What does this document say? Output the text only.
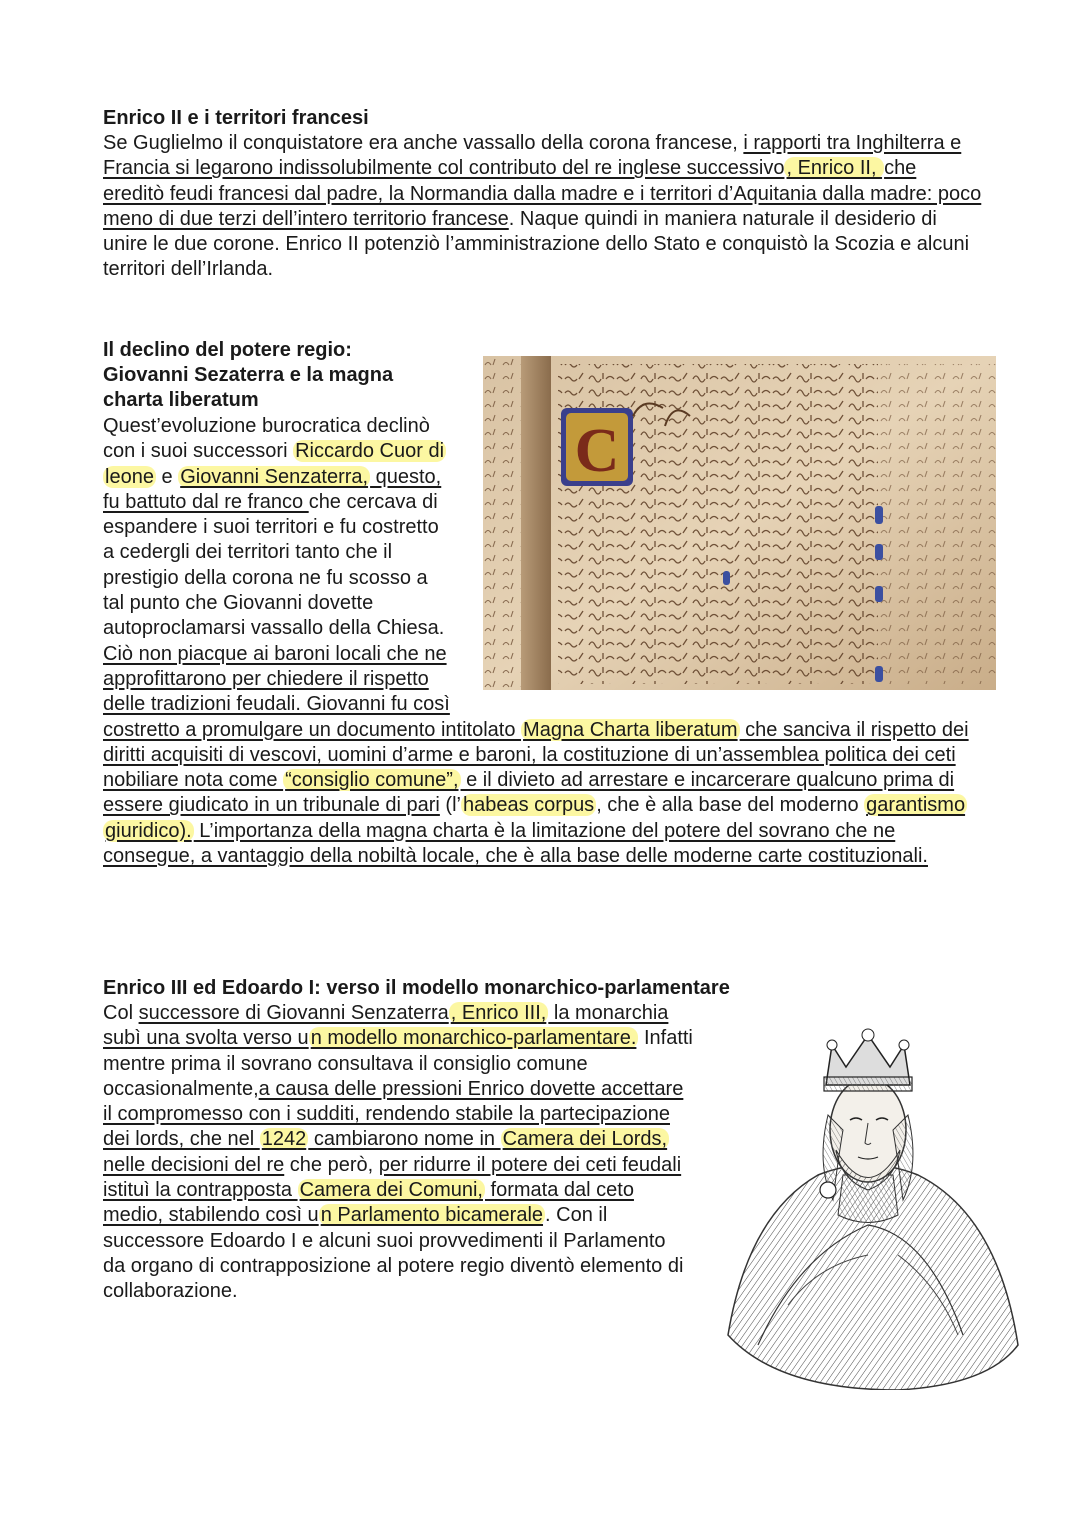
Enrico II e i territori francesi

Se Guglielmo il conquistatore era anche vassallo della corona francese, i rapporti tra Inghilterra e Francia si legarono indissolubilmente col contributo del re inglese successivo , Enrico II, che ereditò feudi francesi dal padre, la Normandia dalla madre e i territori d’Aquitania dalla madre: poco meno di due terzi dell’intero territorio francese. Naque quindi in maniera naturale il desiderio di unire le due corone. Enrico II potenziò l’amministrazione dello Stato e conquistò la Scozia e alcuni territori dell’Irlanda.

Il declino del potere regio:
Giovanni Sezaterra e la magna
charta liberatum
C
Quest’evoluzione burocratica declinò con i suoi successori Riccardo Cuor di leone e Giovanni Senzaterra, questo, fu battuto dal re franco che cercava di espandere i suoi territori e fu costretto a cedergli dei territori tanto che il prestigio della corona ne fu scosso a tal punto che Giovanni dovette autoproclamarsi vassallo della Chiesa. Ciò non piacque ai baroni locali che ne approfittarono per chiedere il rispetto delle tradizioni feudali. Giovanni fu così costretto a promulgare un documento intitolato Magna Charta liberatum che sanciva il rispetto dei diritti acquisiti di vescovi, uomini d’arme e baroni, la costituzione di un’assemblea politica dei ceti nobiliare nota come “consiglio comune”, e il divieto ad arrestare e incarcerare qualcuno prima di essere giudicato in un tribunale di pari (l’ habeas corpus , che è alla base del moderno garantismo giuridico). L’importanza della magna charta è la limitazione del potere del sovrano che ne consegue, a vantaggio della nobiltà locale, che è alla base delle moderne carte costituzionali.
Enrico III ed Edoardo I: verso il modello monarchico-parlamentare

Col successore di Giovanni Senzaterra , Enrico III, la monarchia subì una svolta verso u n modello monarchico-parlamentare. Infatti mentre prima il sovrano consultava il consiglio comune occasionalmente,a causa delle pressioni Enrico dovette accettare il compromesso con i sudditi, rendendo stabile la partecipazione dei lords, che nel 1242 cambiarono nome in Camera dei Lords, nelle decisioni del re che però, per ridurre il potere dei ceti feudali istituì la contrapposta Camera dei Comuni, formata dal ceto medio, stabilendo così u n Parlamento bicamerale . Con il successore Edoardo I e alcuni suoi provvedimenti il Parlamento da organo di contrapposizione al potere regio diventò elemento di collaborazione.
